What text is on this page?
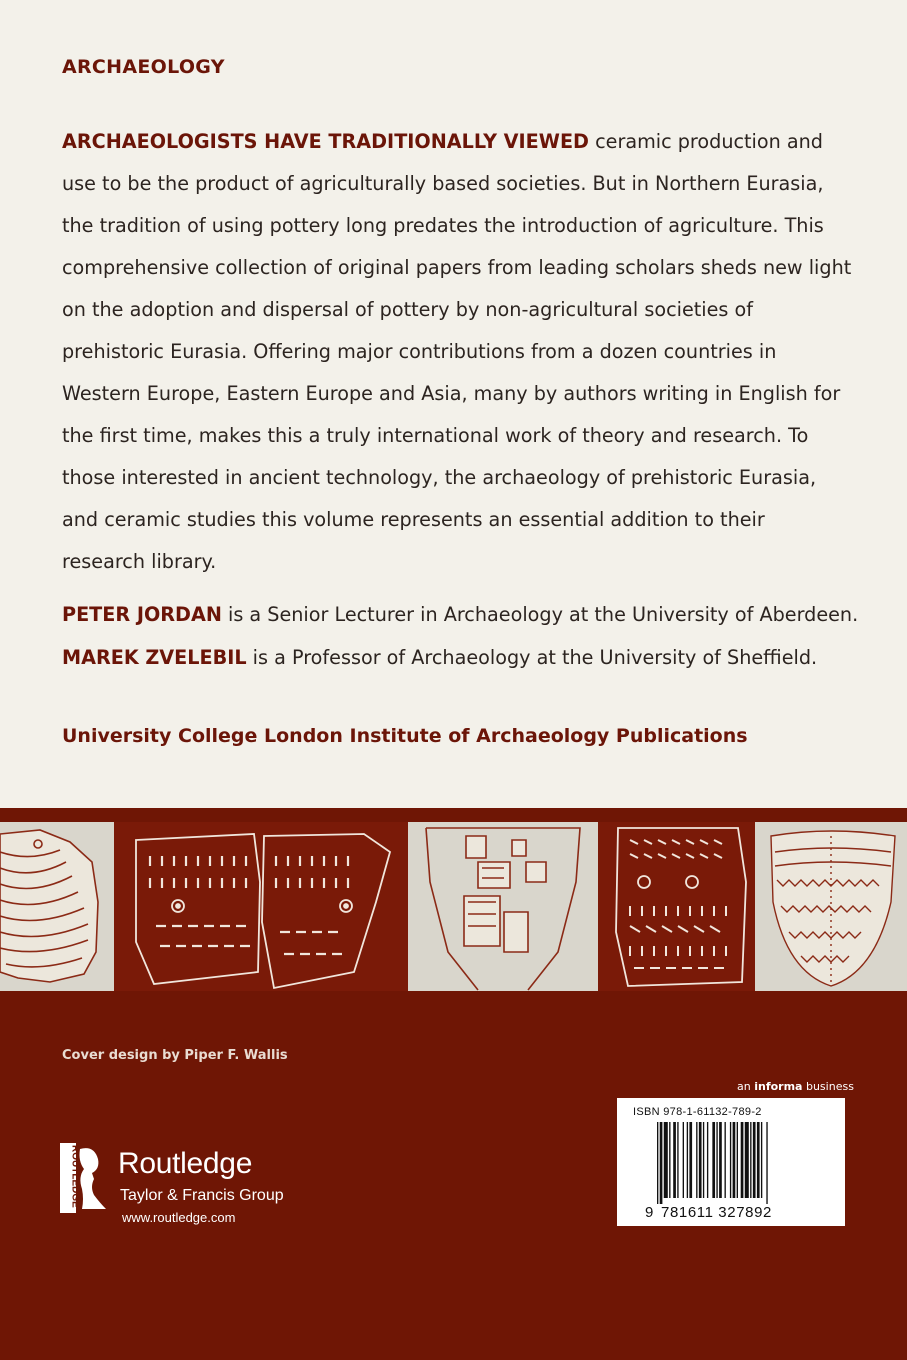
ARCHAEOLOGY
ARCHAEOLOGISTS HAVE TRADITIONALLY VIEWED ceramic production and use to be the product of agriculturally based societies. But in Northern Eurasia, the tradition of using pottery long predates the introduction of agriculture. This comprehensive collection of original papers from leading scholars sheds new light on the adoption and dispersal of pottery by non-agricultural societies of prehistoric Eurasia. Offering major contributions from a dozen countries in Western Europe, Eastern Europe and Asia, many by authors writing in English for the first time, makes this a truly international work of theory and research. To those interested in ancient technology, the archaeology of prehistoric Eurasia, and ceramic studies this volume represents an essential addition to their research library.
PETER JORDAN is a Senior Lecturer in Archaeology at the University of Aberdeen.
MAREK ZVELEBIL is a Professor of Archaeology at the University of Sheffield.
University College London Institute of Archaeology Publications
Cover design by Piper F. Wallis
an informa business
ISBN 978-1-61132-789-2
9 781611 327892
ROUTLEDGE Routledge
Taylor & Francis Group
www.routledge.com
